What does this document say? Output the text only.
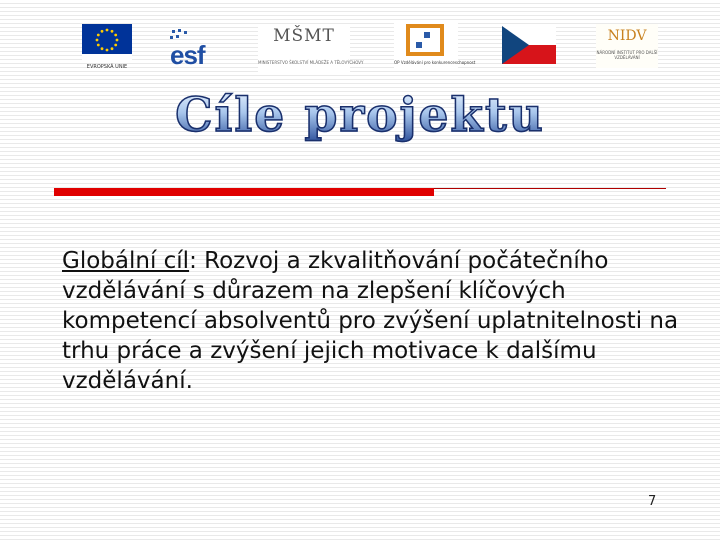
EVROPSKÁ UNIE esf
MŠMT
MINISTERSTVO ŠKOLSTVÍ MLÁDEŽE A TĚLOVÝCHOVY	OP Vzdělávání pro konkurenceschopnost
NIDV
NÁRODNÍ INSTITUT PRO DALŠÍ VZDĚLÁVÁNÍ
Cíle projektu
Globální cíl: Rozvoj a zkvalitňování počátečního vzdělávání s důrazem na zlepšení klíčových kompetencí absolventů pro zvýšení uplatnitelnosti na trhu práce a zvýšení jejich motivace k dalšímu vzdělávání.
7
